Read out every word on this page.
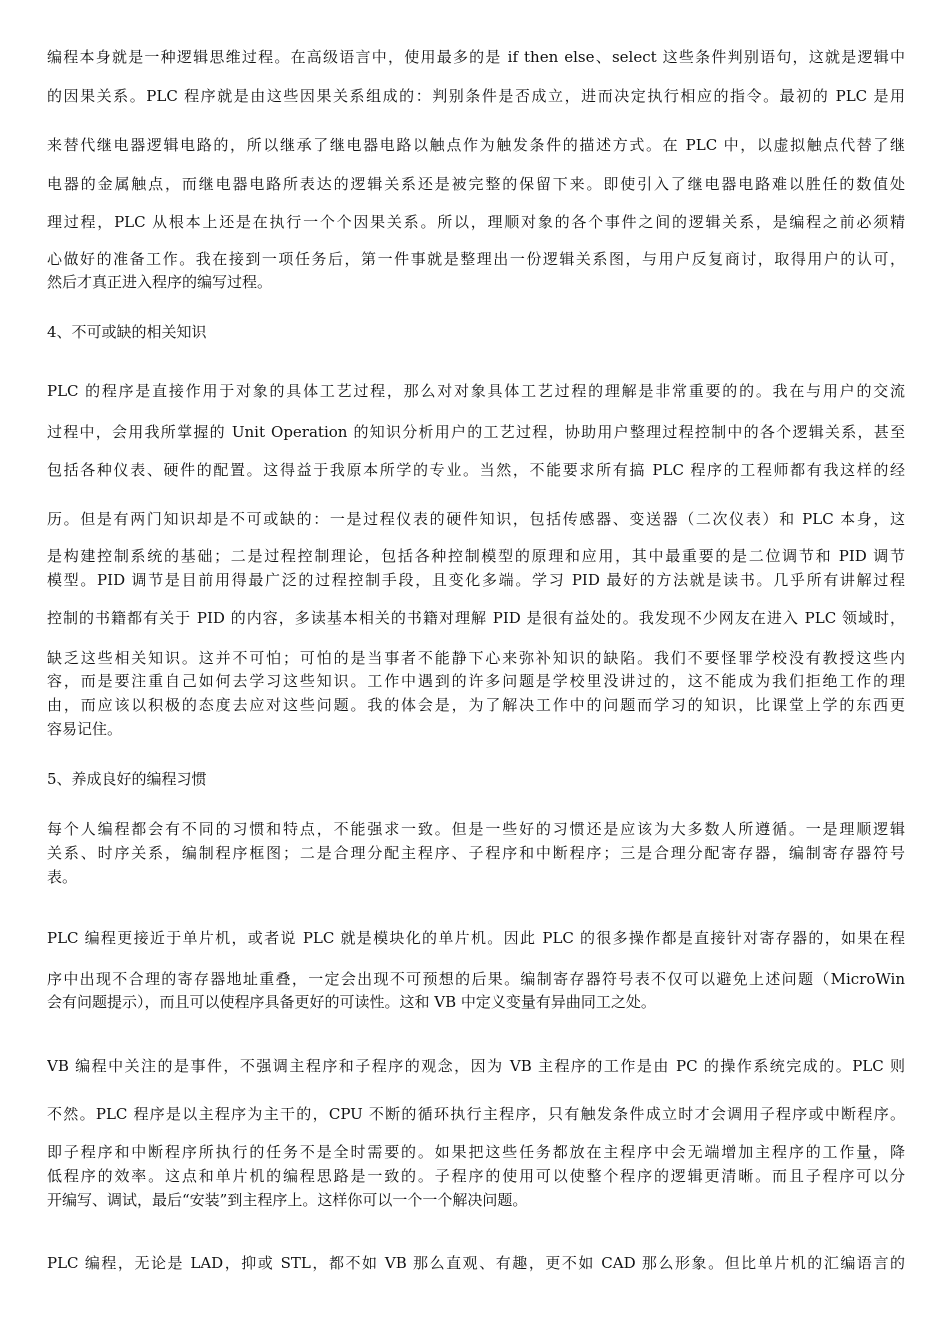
编程本身就是一种逻辑思维过程。在高级语言中，使用最多的是 if then else、select 这些条件判别语句，这就是逻辑中
的因果关系。PLC 程序就是由这些因果关系组成的：判别条件是否成立，进而决定执行相应的指令。最初的 PLC 是用
来替代继电器逻辑电路的，所以继承了继电器电路以触点作为触发条件的描述方式。在 PLC 中，以虚拟触点代替了继
电器的金属触点，而继电器电路所表达的逻辑关系还是被完整的保留下来。即使引入了继电器电路难以胜任的数值处
理过程，PLC 从根本上还是在执行一个个因果关系。所以，理顺对象的各个事件之间的逻辑关系，是编程之前必须精
心做好的准备工作。我在接到一项任务后，第一件事就是整理出一份逻辑关系图，与用户反复商讨，取得用户的认可，
然后才真正进入程序的编写过程。
4、不可或缺的相关知识
PLC 的程序是直接作用于对象的具体工艺过程，那么对对象具体工艺过程的理解是非常重要的的。我在与用户的交流
过程中，会用我所掌握的 Unit Operation 的知识分析用户的工艺过程，协助用户整理过程控制中的各个逻辑关系，甚至
包括各种仪表、硬件的配置。这得益于我原本所学的专业。当然，不能要求所有搞 PLC 程序的工程师都有我这样的经
历。但是有两门知识却是不可或缺的：一是过程仪表的硬件知识，包括传感器、变送器（二次仪表）和 PLC 本身，这
是构建控制系统的基础；二是过程控制理论，包括各种控制模型的原理和应用，其中最重要的是二位调节和 PID 调节
模型。PID 调节是目前用得最广泛的过程控制手段，且变化多端。学习 PID 最好的方法就是读书。几乎所有讲解过程
控制的书籍都有关于 PID 的内容，多读基本相关的书籍对理解 PID 是很有益处的。我发现不少网友在进入 PLC 领域时，
缺乏这些相关知识。这并不可怕；可怕的是当事者不能静下心来弥补知识的缺陷。我们不要怪罪学校没有教授这些内
容，而是要注重自己如何去学习这些知识。工作中遇到的许多问题是学校里没讲过的，这不能成为我们拒绝工作的理
由，而应该以积极的态度去应对这些问题。我的体会是，为了解决工作中的问题而学习的知识，比课堂上学的东西更
容易记住。
5、养成良好的编程习惯
每个人编程都会有不同的习惯和特点，不能强求一致。但是一些好的习惯还是应该为大多数人所遵循。一是理顺逻辑
关系、时序关系，编制程序框图；二是合理分配主程序、子程序和中断程序；三是合理分配寄存器，编制寄存器符号
表。
PLC 编程更接近于单片机，或者说 PLC 就是模块化的单片机。因此 PLC 的很多操作都是直接针对寄存器的，如果在程
序中出现不合理的寄存器地址重叠，一定会出现不可预想的后果。编制寄存器符号表不仅可以避免上述问题（MicroWin
会有问题提示），而且可以使程序具备更好的可读性。这和 VB 中定义变量有异曲同工之处。
VB 编程中关注的是事件，不强调主程序和子程序的观念，因为 VB 主程序的工作是由 PC 的操作系统完成的。PLC 则
不然。PLC 程序是以主程序为主干的，CPU 不断的循环执行主程序，只有触发条件成立时才会调用子程序或中断程序。
即子程序和中断程序所执行的任务不是全时需要的。如果把这些任务都放在主程序中会无端增加主程序的工作量，降
低程序的效率。这点和单片机的编程思路是一致的。子程序的使用可以使整个程序的逻辑更清晰。而且子程序可以分
开编写、调试，最后“安装”到主程序上。这样你可以一个一个解决问题。
PLC 编程，无论是 LAD，抑或 STL，都不如 VB 那么直观、有趣，更不如 CAD 那么形象。但比单片机的汇编语言的
